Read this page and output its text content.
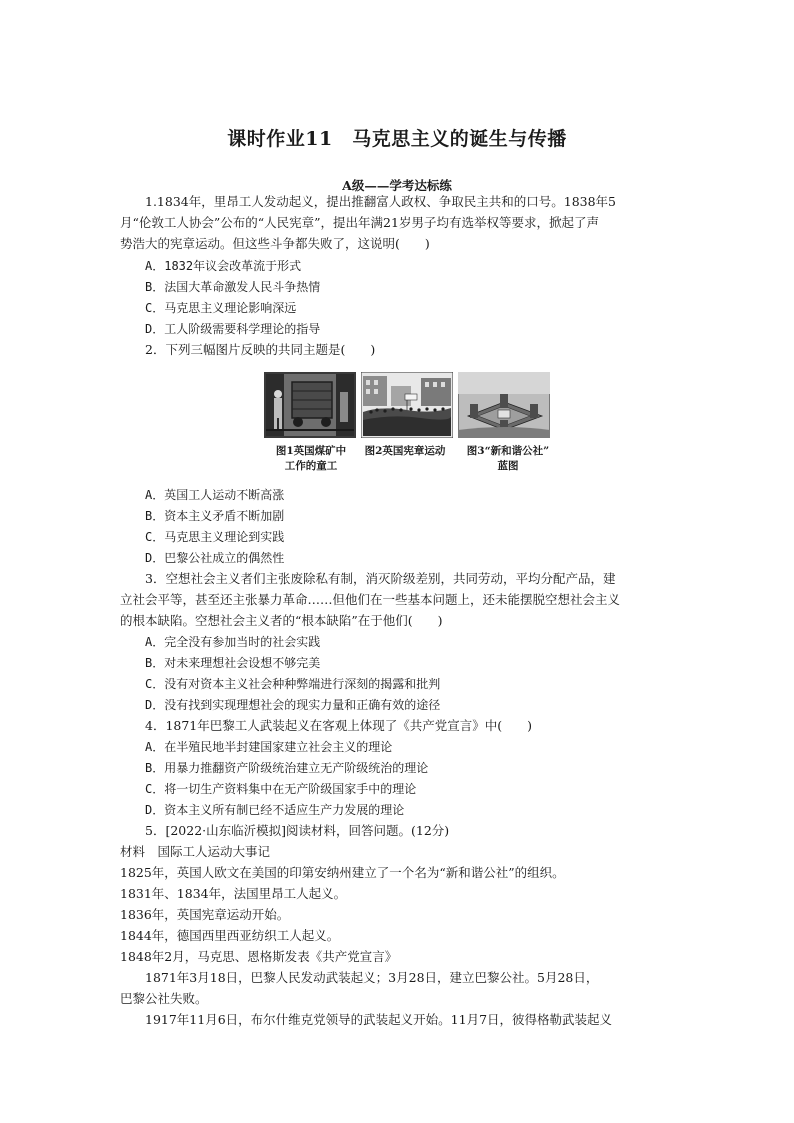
课时作业11　马克思主义的诞生与传播
A级——学考达标练
1.1834年，里昂工人发动起义，提出推翻富人政权、争取民主共和的口号。1838年5
月“伦敦工人协会”公布的“人民宪章”，提出年满21岁男子均有选举权等要求，掀起了声
势浩大的宪章运动。但这些斗争都失败了，这说明(　　)
A．1832年议会改革流于形式
B．法国大革命激发人民斗争热情
C．马克思主义理论影响深远
D．工人阶级需要科学理论的指导
2．下列三幅图片反映的共同主题是(　　)
图1英国煤矿中
工作的童工
图2英国宪章运动	图3“新和谐公社”
蓝图
A．英国工人运动不断高涨
B．资本主义矛盾不断加剧
C．马克思主义理论到实践
D．巴黎公社成立的偶然性
3．空想社会主义者们主张废除私有制，消灭阶级差别，共同劳动，平均分配产品，建
立社会平等，甚至还主张暴力革命……但他们在一些基本问题上，还未能摆脱空想社会主义
的根本缺陷。空想社会主义者的“根本缺陷”在于他们(　　)
A．完全没有参加当时的社会实践
B．对未来理想社会设想不够完美
C．没有对资本主义社会种种弊端进行深刻的揭露和批判
D．没有找到实现理想社会的现实力量和正确有效的途径
4．1871年巴黎工人武装起义在客观上体现了《共产党宣言》中(　　)
A．在半殖民地半封建国家建立社会主义的理论
B．用暴力推翻资产阶级统治建立无产阶级统治的理论
C．将一切生产资料集中在无产阶级国家手中的理论
D．资本主义所有制已经不适应生产力发展的理论
5．[2022·山东临沂模拟]阅读材料，回答问题。(12分)
材料　国际工人运动大事记
1825年，英国人欧文在美国的印第安纳州建立了一个名为“新和谐公社”的组织。
1831年、1834年，法国里昂工人起义。
1836年，英国宪章运动开始。
1844年，德国西里西亚纺织工人起义。
1848年2月，马克思、恩格斯发表《共产党宣言》
1871年3月18日，巴黎人民发动武装起义；3月28日，建立巴黎公社。5月28日，
巴黎公社失败。
1917年11月6日，布尔什维克党领导的武装起义开始。11月7日，彼得格勒武装起义
